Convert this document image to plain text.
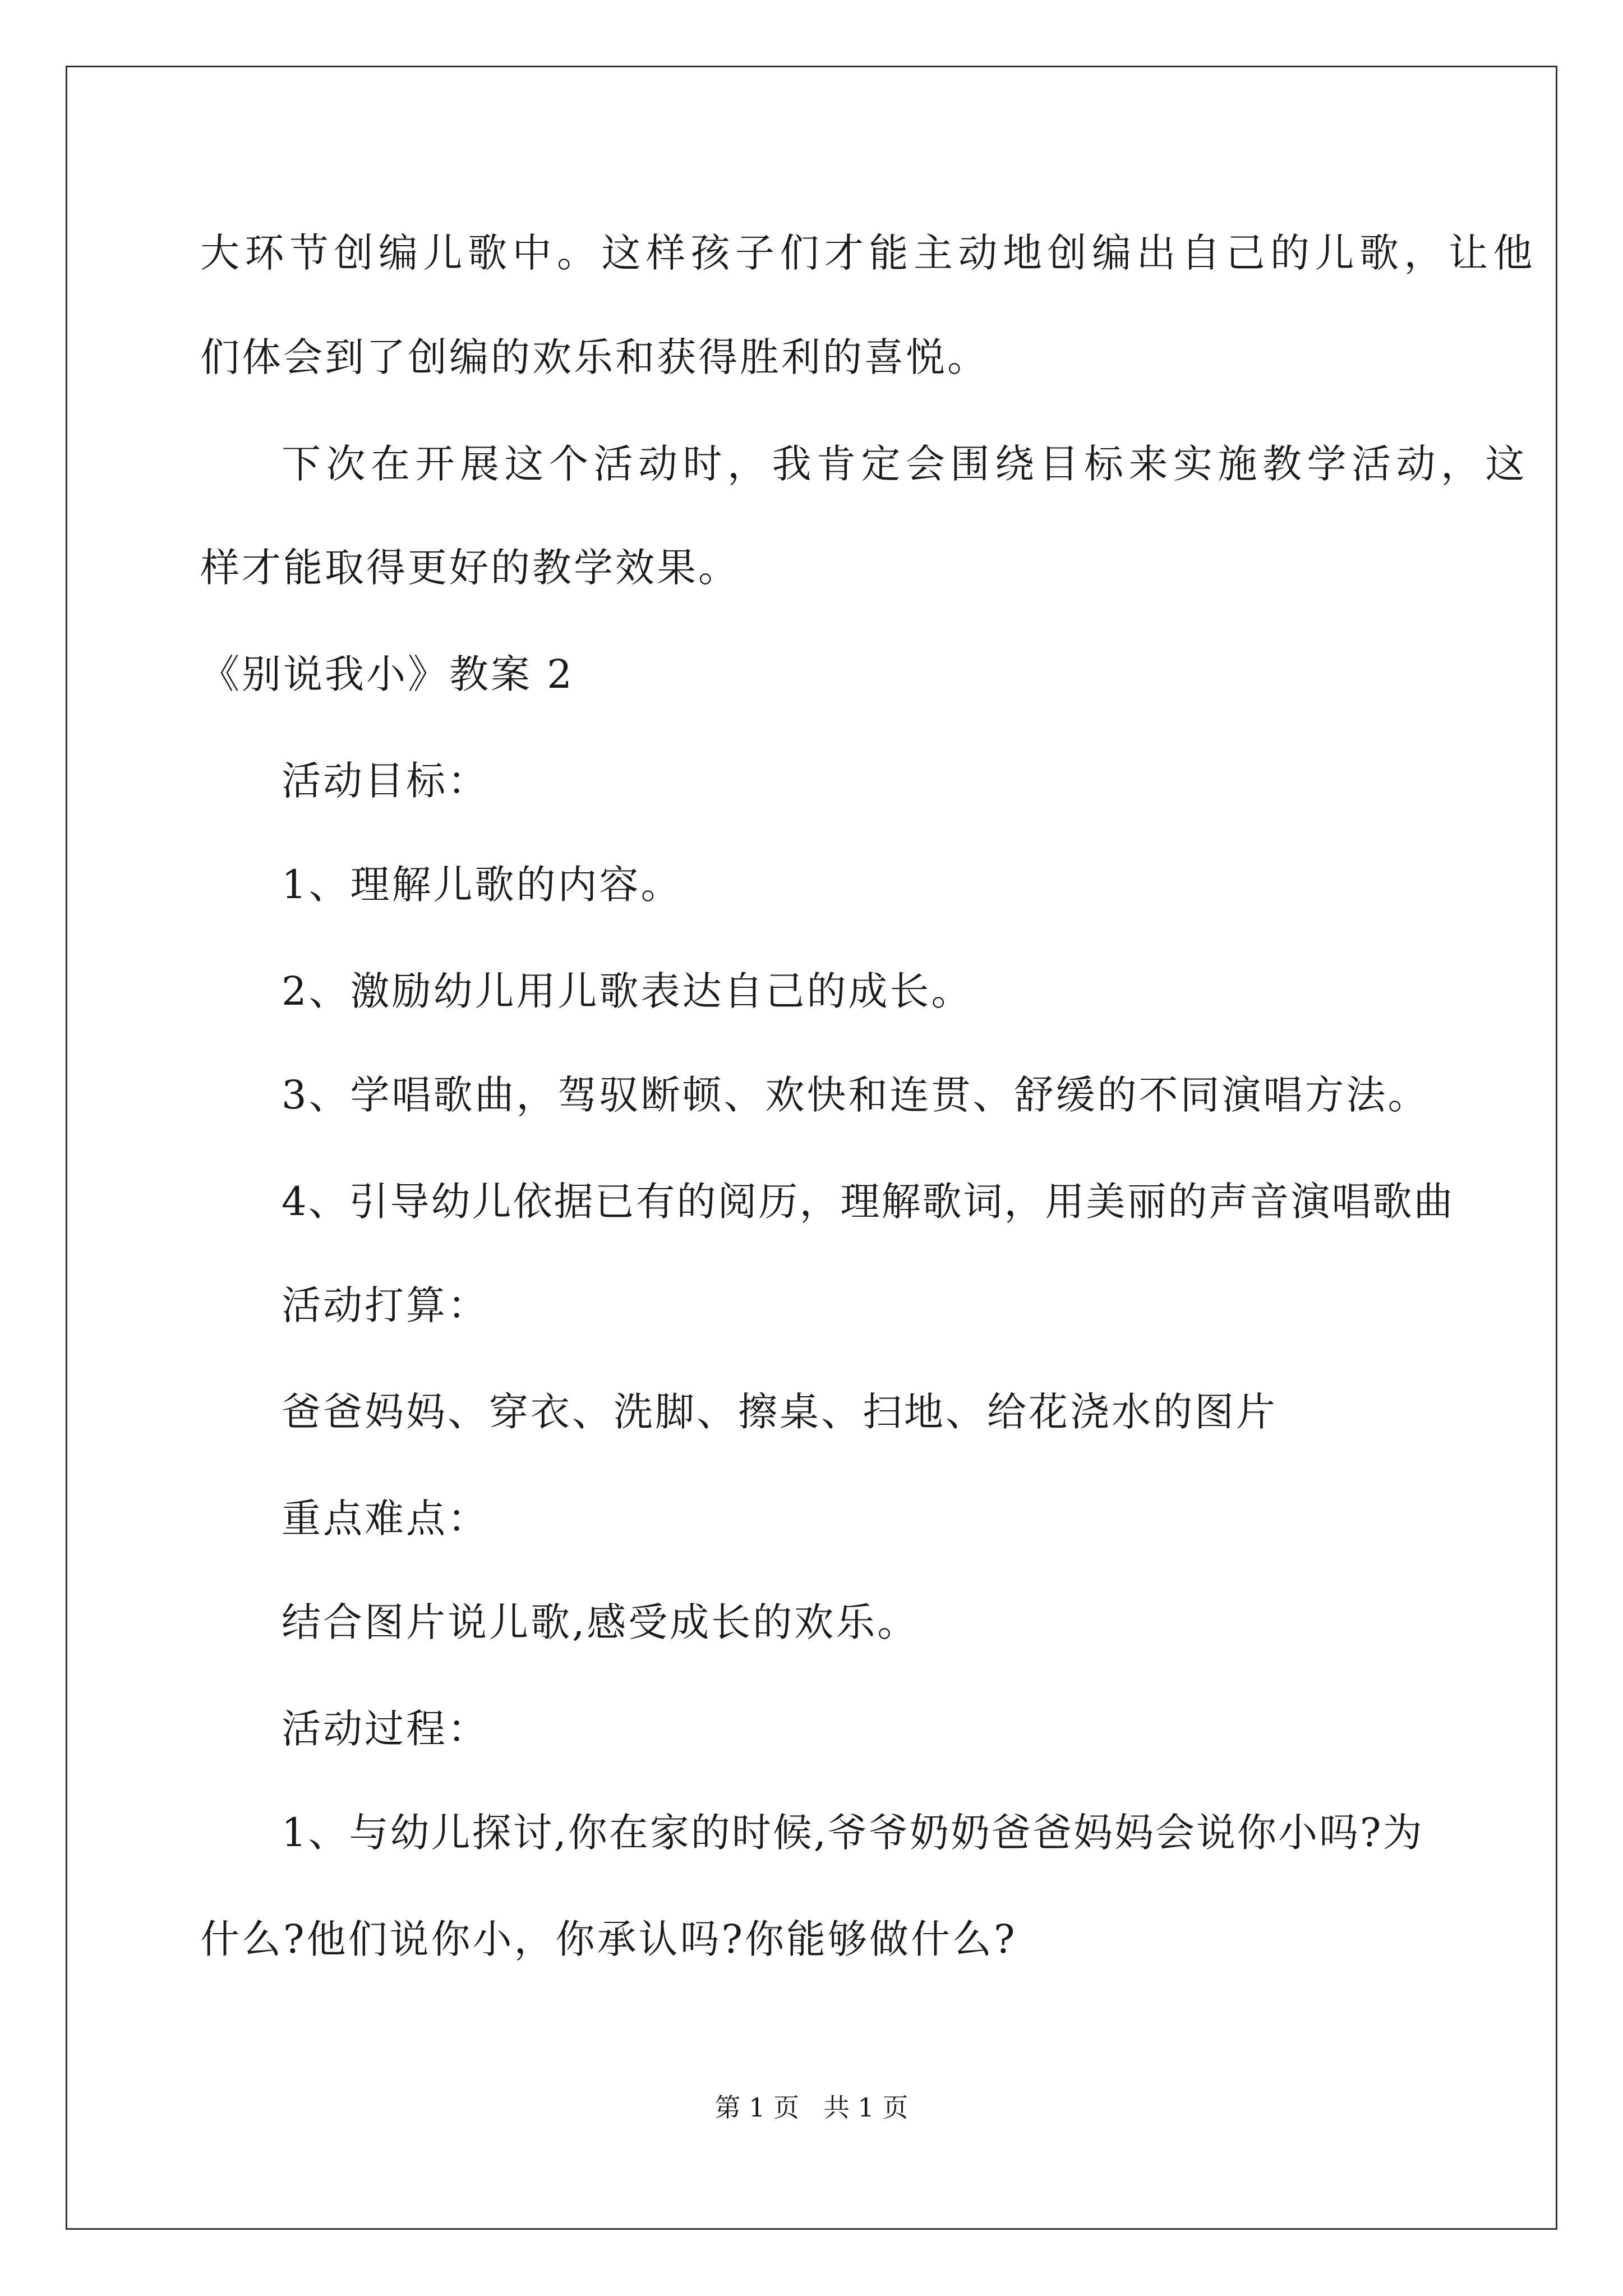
大环节创编儿歌中。这样孩子们才能主动地创编出自己的儿歌，让他
们体会到了创编的欢乐和获得胜利的喜悦。
下次在开展这个活动时，我肯定会围绕目标来实施教学活动，这
样才能取得更好的教学效果。
《别说我小》教案 2
活动目标：
1、理解儿歌的内容。
2、激励幼儿用儿歌表达自己的成长。
3、学唱歌曲，驾驭断顿、欢快和连贯、舒缓的不同演唱方法。
4、引导幼儿依据已有的阅历，理解歌词，用美丽的声音演唱歌曲
活动打算：
爸爸妈妈、穿衣、洗脚、擦桌、扫地、给花浇水的图片
重点难点：
结合图片说儿歌,感受成长的欢乐。
活动过程：
1、与幼儿探讨,你在家的时候,爷爷奶奶爸爸妈妈会说你小吗?为
什么?他们说你小，你承认吗?你能够做什么?
第 1 页   共 1 页
